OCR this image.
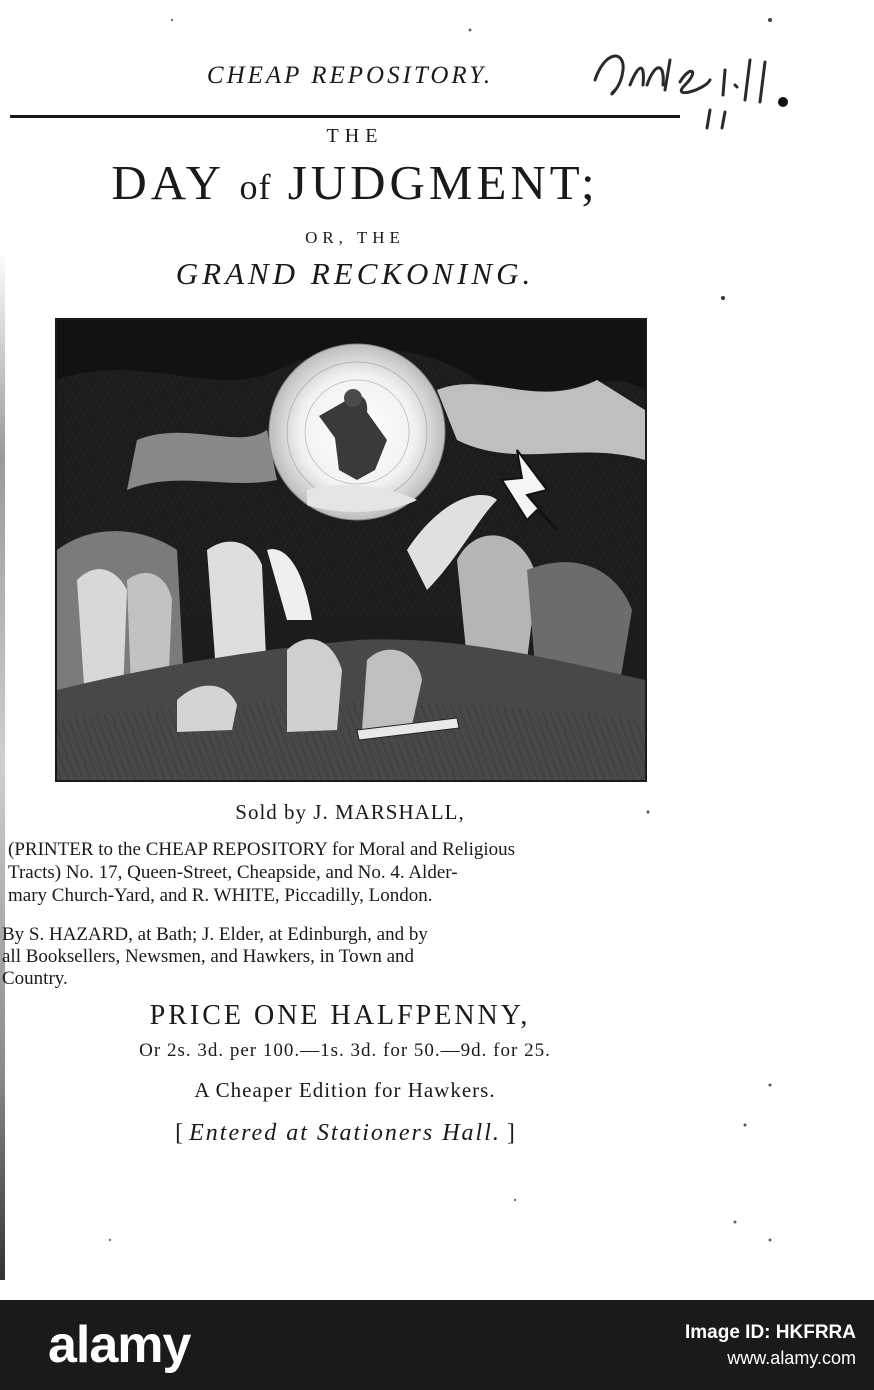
CHEAP REPOSITORY.
THE
DAY of JUDGMENT;
OR, THE
GRAND RECKONING.
Sold by J. MARSHALL,
(PRINTER to the CHEAP REPOSITORY for Moral and Religious
Tracts) No. 17, Queen-Street, Cheapside, and No. 4. Alder-
mary Church-Yard, and R. WHITE, Piccadilly, London.
By S. HAZARD, at Bath; J. Elder, at Edinburgh, and by
all Booksellers, Newsmen, and Hawkers, in Town and
Country.
PRICE ONE HALFPENNY,
Or 2s. 3d. per 100.—1s. 3d. for 50.—9d. for 25.
A Cheaper Edition for Hawkers.
[ Entered at Stationers Hall. ]
alamy	Image ID: HKFRRA
www.alamy.com
